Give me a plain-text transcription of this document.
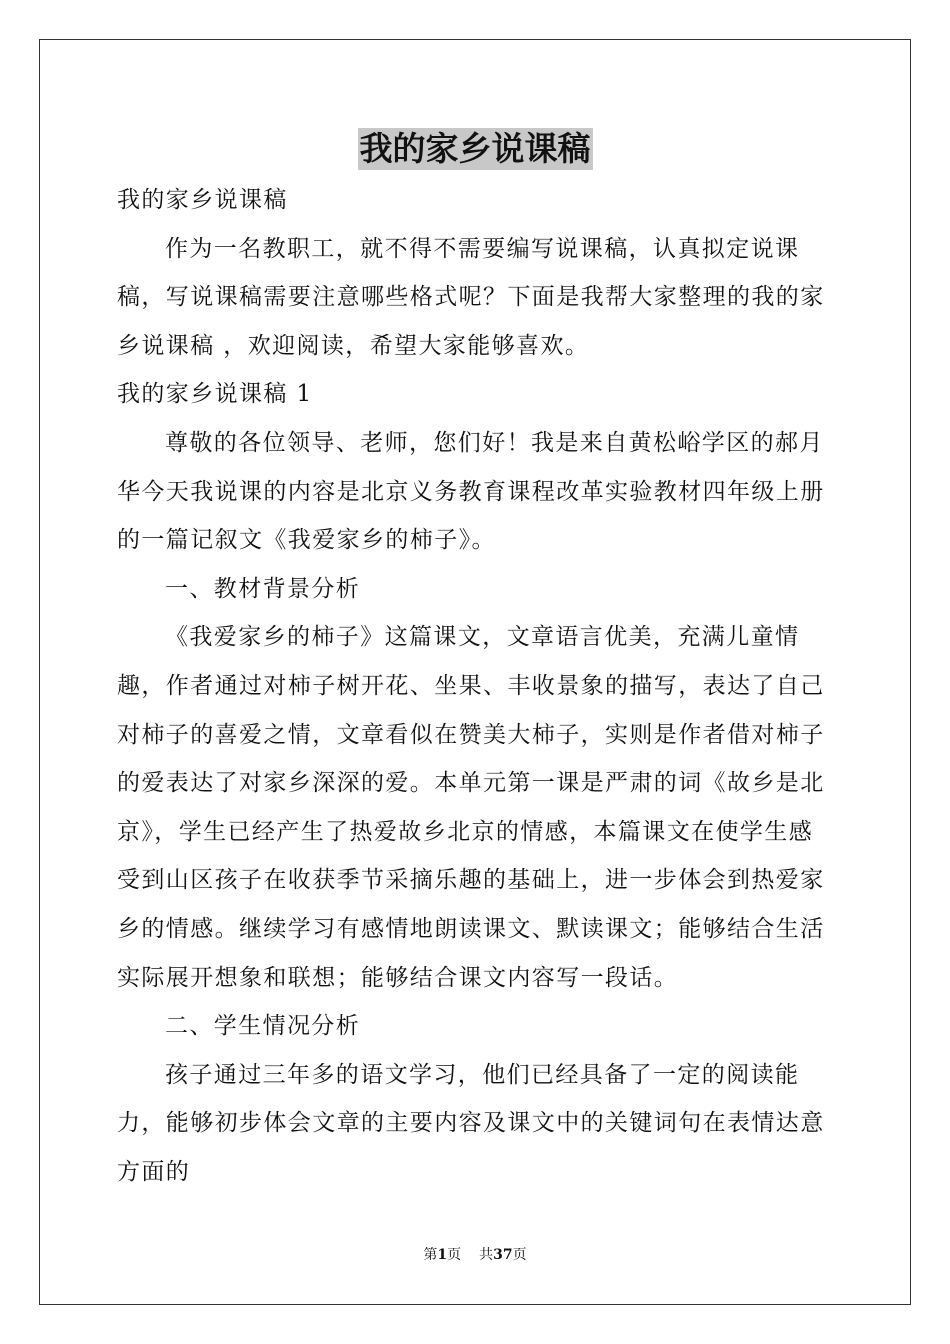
我的家乡说课稿

我的家乡说课稿

作为一名教职工，就不得不需要编写说课稿，认真拟定说课稿，写说课稿需要注意哪些格式呢？下面是我帮大家整理的我的家乡说课稿 ，欢迎阅读，希望大家能够喜欢。

我的家乡说课稿 1

尊敬的各位领导、老师，您们好！我是来自黄松峪学区的郝月华今天我说课的内容是北京义务教育课程改革实验教材四年级上册的一篇记叙文《我爱家乡的柿子》。

一、教材背景分析

《我爱家乡的柿子》这篇课文，文章语言优美，充满儿童情趣，作者通过对柿子树开花、坐果、丰收景象的描写，表达了自己对柿子的喜爱之情，文章看似在赞美大柿子，实则是作者借对柿子的爱表达了对家乡深深的爱。本单元第一课是严肃的词《故乡是北京》，学生已经产生了热爱故乡北京的情感，本篇课文在使学生感受到山区孩子在收获季节采摘乐趣的基础上，进一步体会到热爱家乡的情感。继续学习有感情地朗读课文、默读课文；能够结合生活实际展开想象和联想；能够结合课文内容写一段话。

二、学生情况分析

孩子通过三年多的语文学习，他们已经具备了一定的阅读能力，能够初步体会文章的主要内容及课文中的关键词句在表情达意方面的

第1页 共37页
